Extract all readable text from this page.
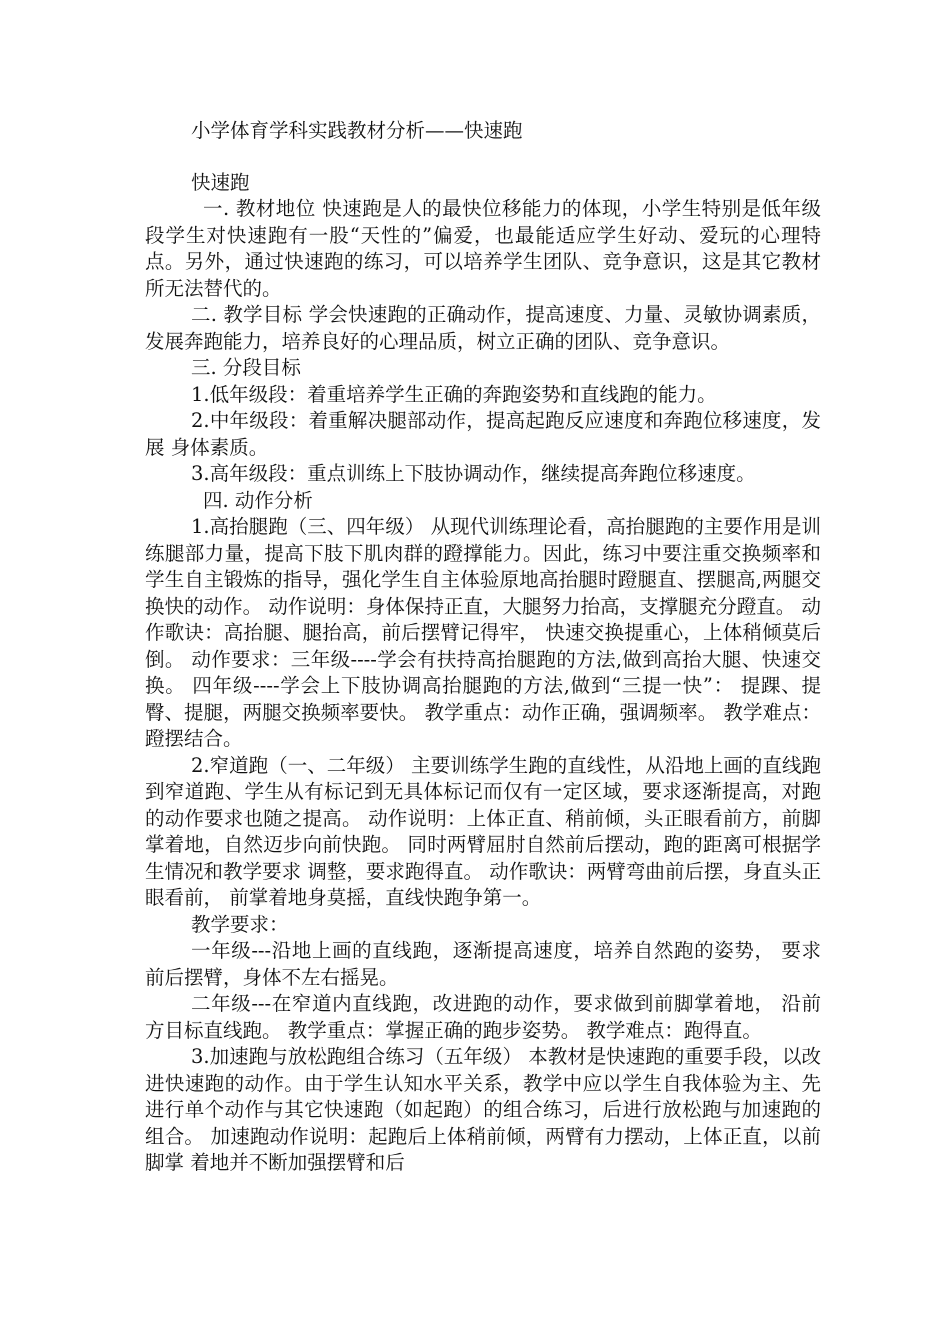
小学体育学科实践教材分析——快速跑
快速跑

一. 教材地位 快速跑是人的最快位移能力的体现，小学生特别是低年级段学生对快速跑有一股“天性的”偏爱，也最能适应学生好动、爱玩的心理特点。另外，通过快速跑的练习，可以培养学生团队、竞争意识，这是其它教材所无法替代的。

二. 教学目标 学会快速跑的正确动作，提高速度、力量、灵敏协调素质，发展奔跑能力，培养良好的心理品质，树立正确的团队、竞争意识。

三. 分段目标

1.低年级段：着重培养学生正确的奔跑姿势和直线跑的能力。

2.中年级段：着重解决腿部动作，提高起跑反应速度和奔跑位移速度，发展 身体素质。

3.高年级段：重点训练上下肢协调动作，继续提高奔跑位移速度。

四. 动作分析

1.高抬腿跑（三、四年级） 从现代训练理论看，高抬腿跑的主要作用是训练腿部力量，提高下肢下肌肉群的蹬撑能力。因此，练习中要注重交换频率和学生自主锻炼的指导，强化学生自主体验原地高抬腿时蹬腿直、摆腿高,两腿交换快的动作。 动作说明：身体保持正直，大腿努力抬高，支撑腿充分蹬直。 动作歌诀：高抬腿、腿抬高，前后摆臂记得牢， 快速交换提重心，上体稍倾莫后倒。 动作要求：三年级----学会有扶持高抬腿跑的方法,做到高抬大腿、快速交换。 四年级----学会上下肢协调高抬腿跑的方法,做到“三提一快”： 提踝、提臀、提腿，两腿交换频率要快。 教学重点：动作正确，强调频率。 教学难点：蹬摆结合。

2.窄道跑（一、二年级） 主要训练学生跑的直线性，从沿地上画的直线跑到窄道跑、学生从有标记到无具体标记而仅有一定区域，要求逐渐提高，对跑的动作要求也随之提高。 动作说明：上体正直、稍前倾，头正眼看前方，前脚掌着地，自然迈步向前快跑。 同时两臂屈肘自然前后摆动，跑的距离可根据学生情况和教学要求 调整，要求跑得直。 动作歌诀：两臂弯曲前后摆，身直头正眼看前， 前掌着地身莫摇，直线快跑争第一。

教学要求：

一年级---沿地上画的直线跑，逐渐提高速度，培养自然跑的姿势， 要求前后摆臂，身体不左右摇晃。

二年级---在窄道内直线跑，改进跑的动作，要求做到前脚掌着地， 沿前方目标直线跑。 教学重点：掌握正确的跑步姿势。 教学难点：跑得直。

3.加速跑与放松跑组合练习（五年级） 本教材是快速跑的重要手段，以改进快速跑的动作。由于学生认知水平关系，教学中应以学生自我体验为主、先进行单个动作与其它快速跑（如起跑）的组合练习，后进行放松跑与加速跑的组合。 加速跑动作说明：起跑后上体稍前倾，两臂有力摆动，上体正直，以前脚掌 着地并不断加强摆臂和后
